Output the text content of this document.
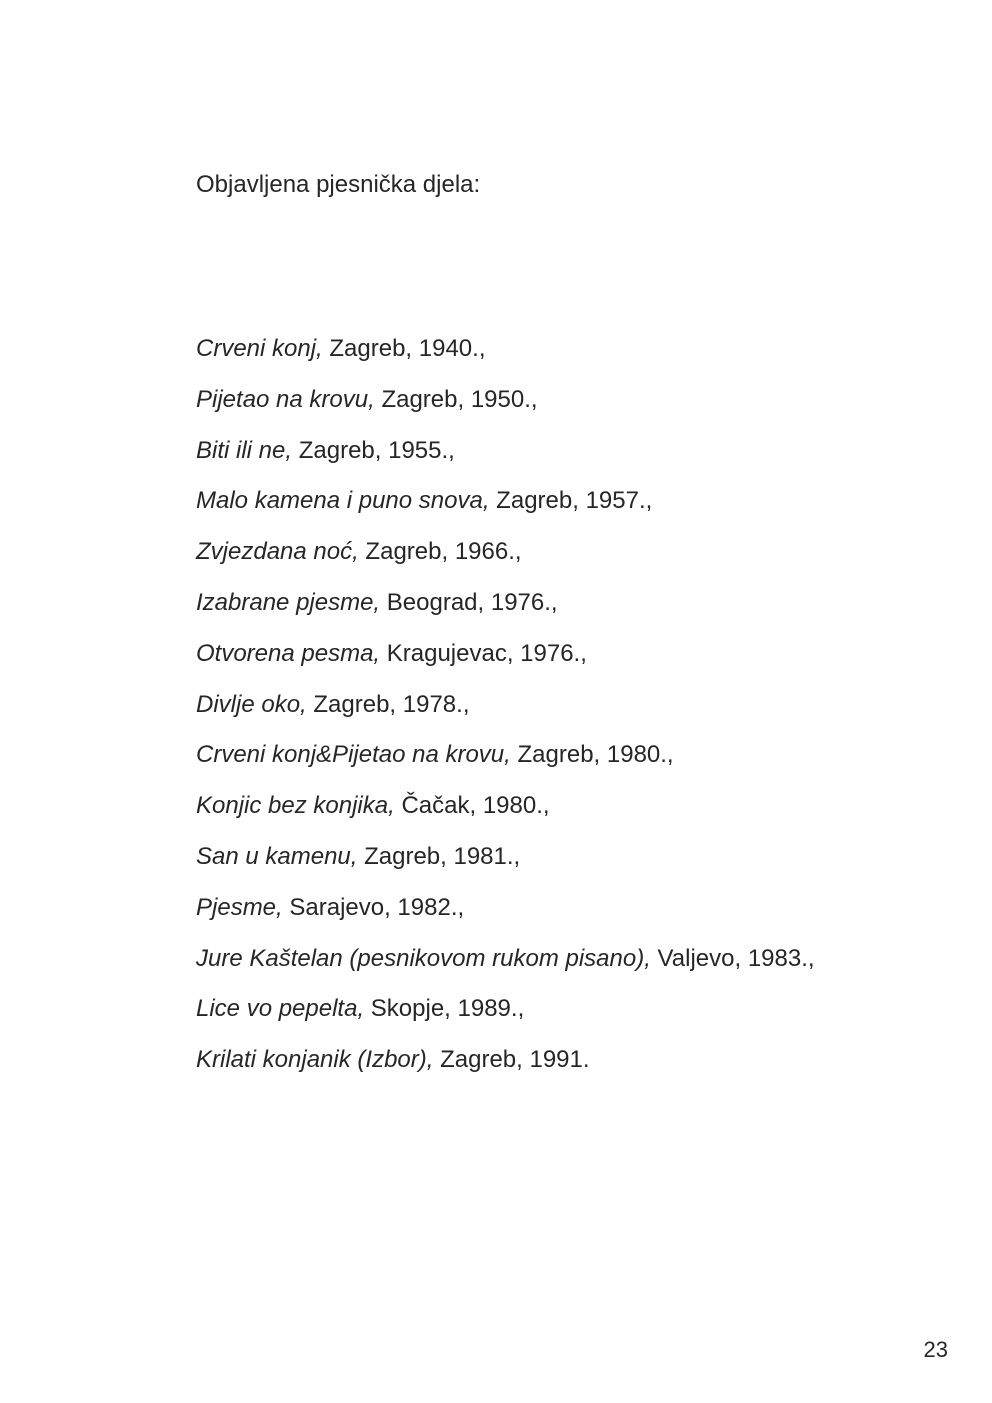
Objavljena pjesnička djela:
Crveni konj, Zagreb, 1940.,
Pijetao na krovu, Zagreb, 1950.,
Biti ili ne, Zagreb, 1955.,
Malo kamena i puno snova, Zagreb, 1957.,
Zvjezdana noć, Zagreb, 1966.,
Izabrane pjesme, Beograd, 1976.,
Otvorena pesma, Kragujevac, 1976.,
Divlje oko, Zagreb, 1978.,
Crveni konj&Pijetao na krovu, Zagreb, 1980.,
Konjic bez konjika, Čačak, 1980.,
San u kamenu, Zagreb, 1981.,
Pjesme, Sarajevo, 1982.,
Jure Kaštelan (pesnikovom rukom pisano), Valjevo, 1983.,
Lice vo pepelta, Skopje, 1989.,
Krilati konjanik (Izbor), Zagreb, 1991.
23
